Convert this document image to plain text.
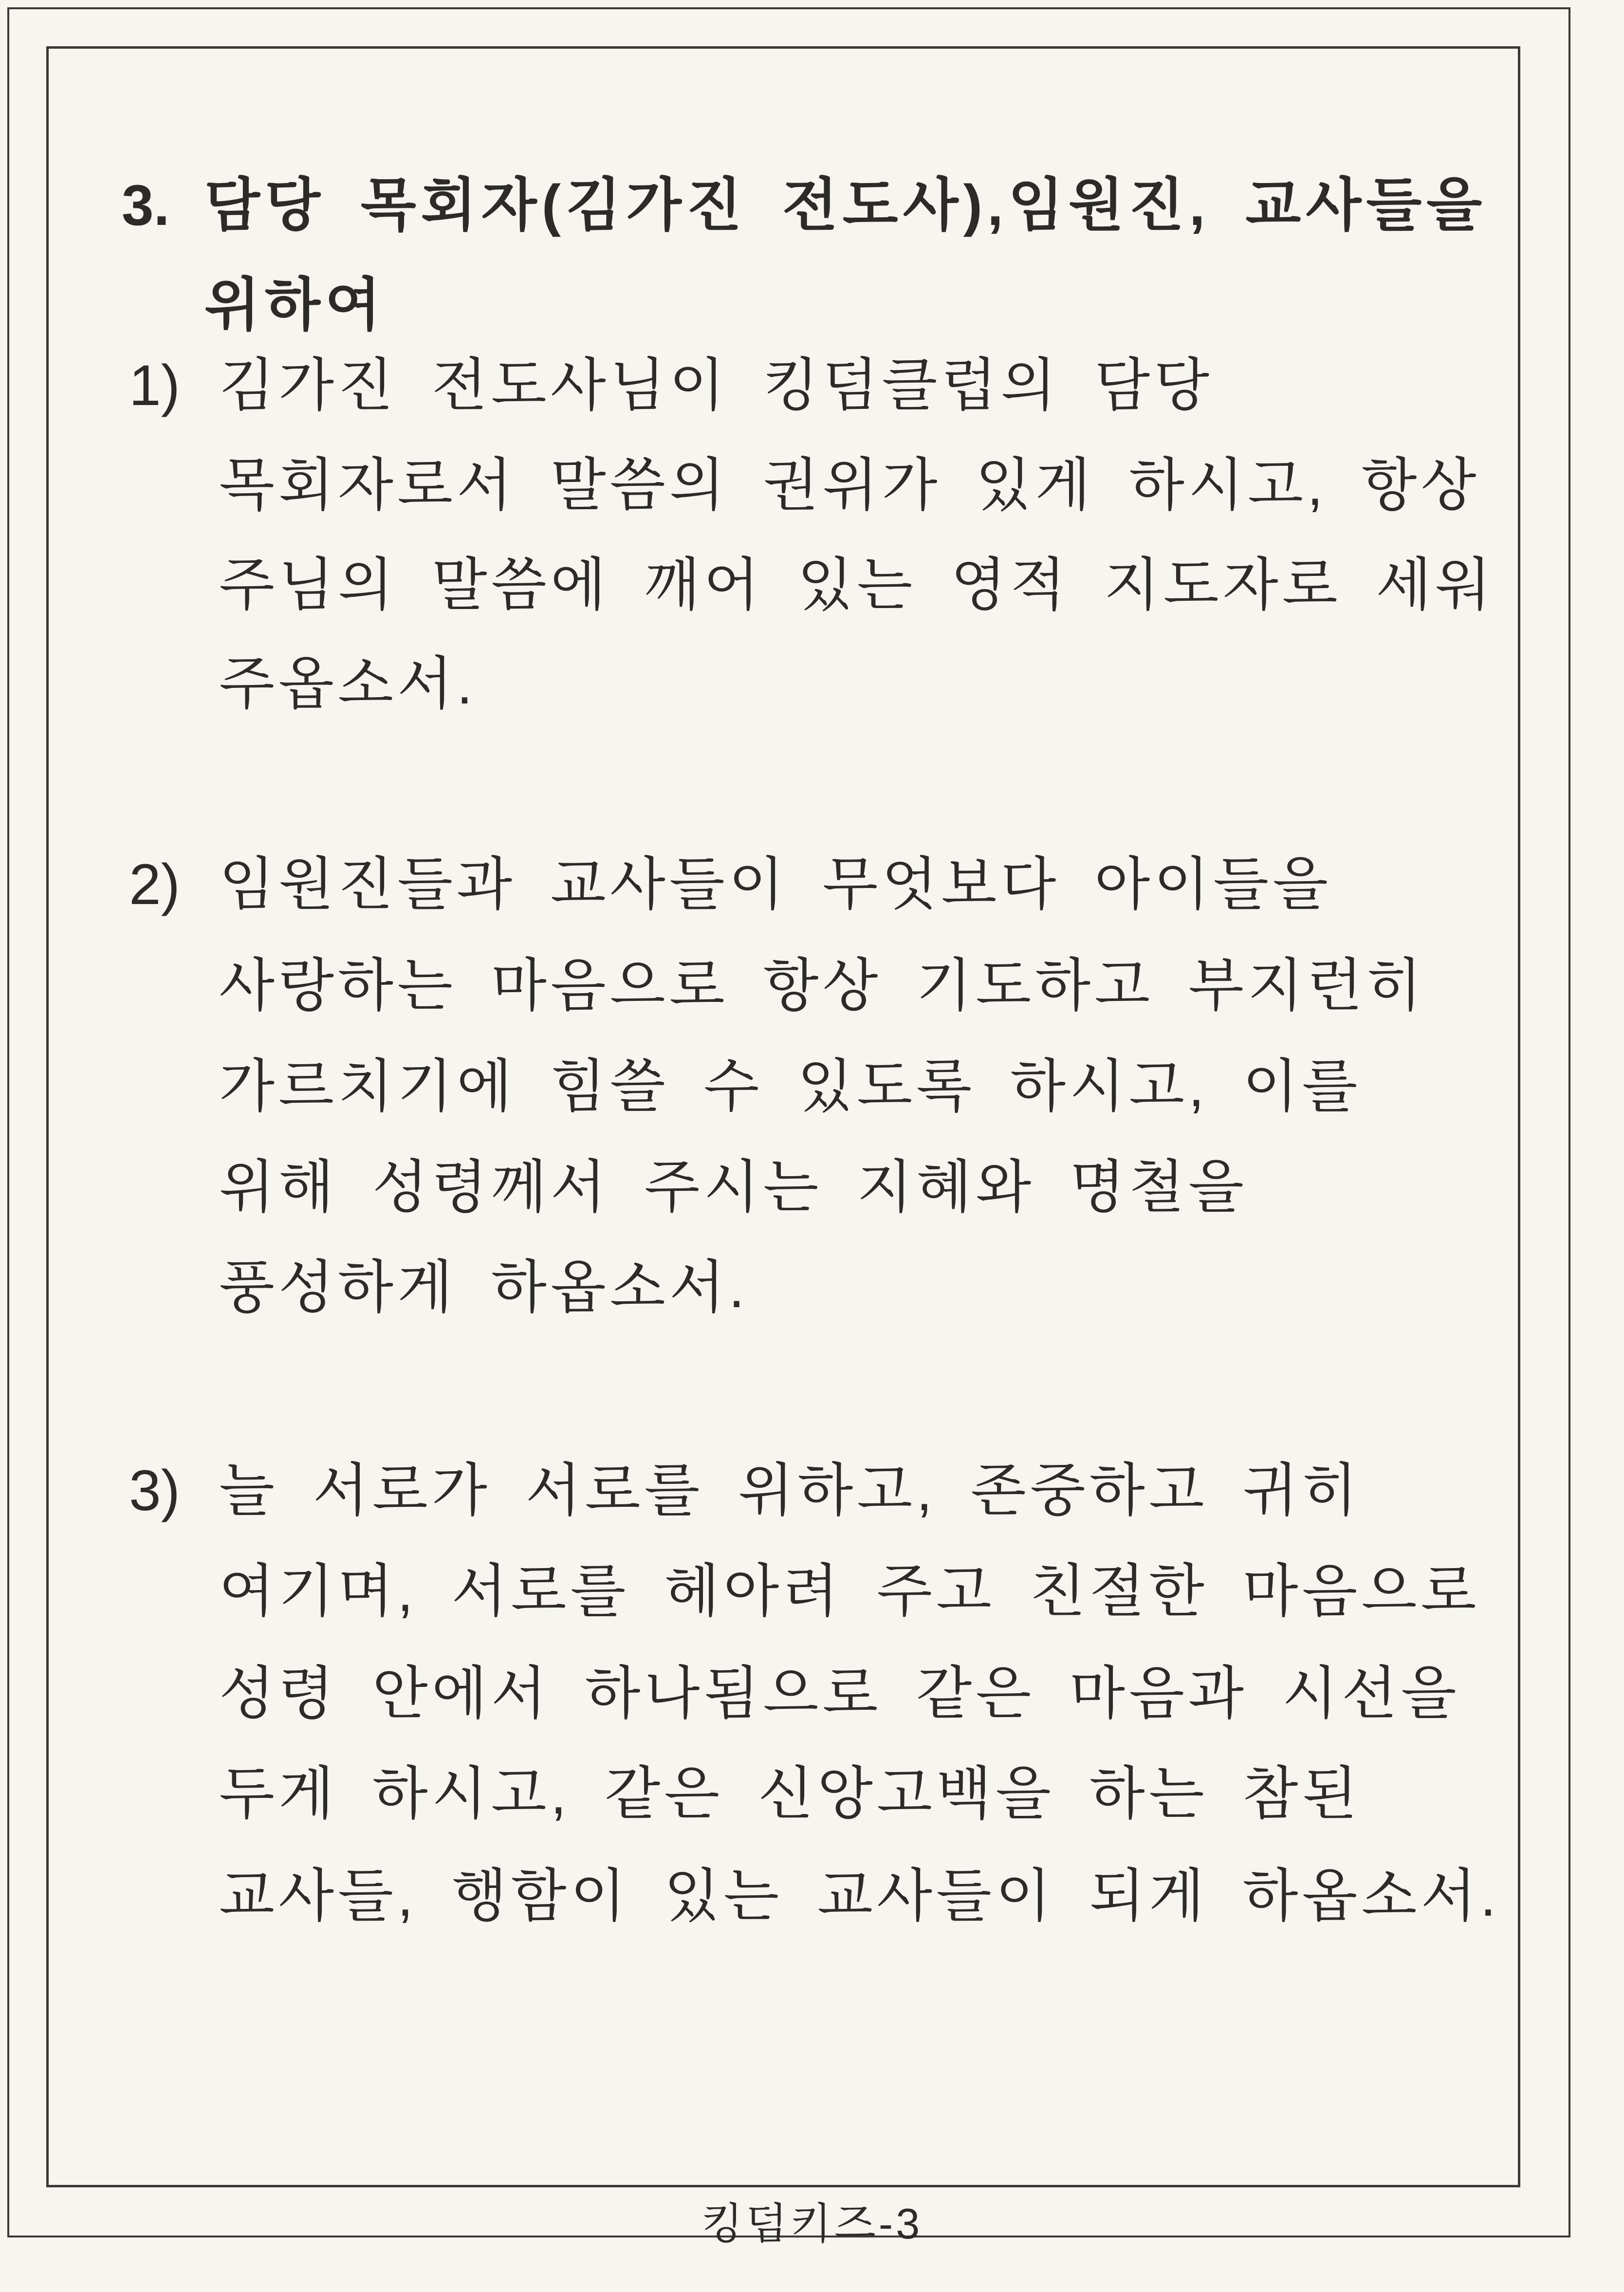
3. 담당 목회자(김가진 전도사),임원진, 교사들을
위하여
1) 김가진 전도사님이 킹덤클럽의 담당
목회자로서 말씀의 권위가 있게 하시고, 항상
주님의 말씀에 깨어 있는 영적 지도자로 세워
주옵소서.
2) 임원진들과 교사들이 무엇보다 아이들을
사랑하는 마음으로 항상 기도하고 부지런히
가르치기에 힘쓸 수 있도록 하시고, 이를
위해 성령께서 주시는 지혜와 명철을
풍성하게 하옵소서.
3) 늘 서로가 서로를 위하고, 존중하고 귀히
여기며, 서로를 헤아려 주고 친절한 마음으로
성령 안에서 하나됨으로 같은 마음과 시선을
두게 하시고, 같은 신앙고백을 하는 참된
교사들, 행함이 있는 교사들이 되게 하옵소서.
킹덤키즈-3
